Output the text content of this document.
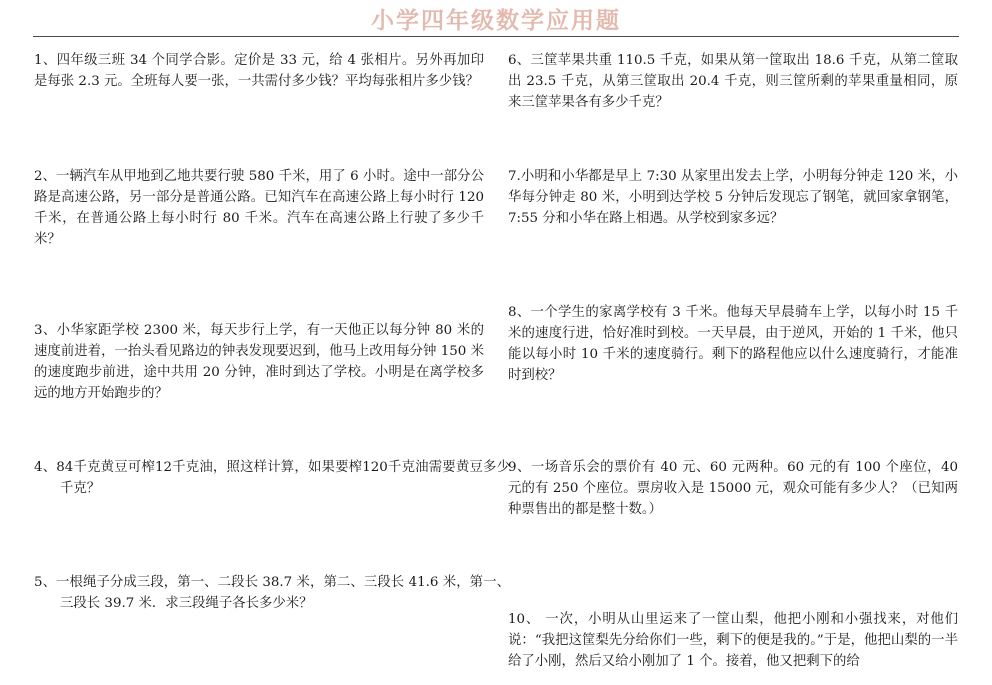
小学四年级数学应用题

1、四年级三班 34 个同学合影。定价是 33 元，给 4 张相片。另外再加印是每张 2.3 元。全班每人要一张，一共需付多少钱？平均每张相片多少钱？

2、一辆汽车从甲地到乙地共要行驶 580 千米，用了 6 小时。途中一部分公路是高速公路，另一部分是普通公路。已知汽车在高速公路上每小时行 120 千米，在普通公路上每小时行 80 千米。汽车在高速公路上行驶了多少千米？

3、小华家距学校 2300 米，每天步行上学，有一天他正以每分钟 80 米的速度前进着，一抬头看见路边的钟表发现要迟到，他马上改用每分钟 150 米的速度跑步前进，途中共用 20 分钟，准时到达了学校。小明是在离学校多远的地方开始跑步的？

4、84千克黄豆可榨12千克油，照这样计算，如果要榨120千克油需要黄豆多少千克？

5、一根绳子分成三段，第一、二段长 38.7 米，第二、三段长 41.6 米，第一、三段长 39.7 米．求三段绳子各长多少米？

6、三筐苹果共重 110.5 千克，如果从第一筐取出 18.6 千克，从第二筐取出 23.5 千克，从第三筐取出 20.4 千克，则三筐所剩的苹果重量相同，原来三筐苹果各有多少千克？

7.小明和小华都是早上 7:30 从家里出发去上学，小明每分钟走 120 米，小华每分钟走 80 米，小明到达学校 5 分钟后发现忘了钢笔，就回家拿钢笔，7:55 分和小华在路上相遇。从学校到家多远？

8、一个学生的家离学校有 3 千米。他每天早晨骑车上学，以每小时 15 千米的速度行进，恰好准时到校。一天早晨，由于逆风，开始的 1 千米，他只能以每小时 10 千米的速度骑行。剩下的路程他应以什么速度骑行，才能准时到校？

9、一场音乐会的票价有 40 元、60 元两种。60 元的有 100 个座位，40 元的有 250 个座位。票房收入是 15000 元，观众可能有多少人？（已知两种票售出的都是整十数。）

10、 一次，小明从山里运来了一筐山梨，他把小刚和小强找来，对他们说：“我把这筐梨先分给你们一些，剩下的便是我的。”于是，他把山梨的一半给了小刚，然后又给小刚加了 1 个。接着，他又把剩下的给
